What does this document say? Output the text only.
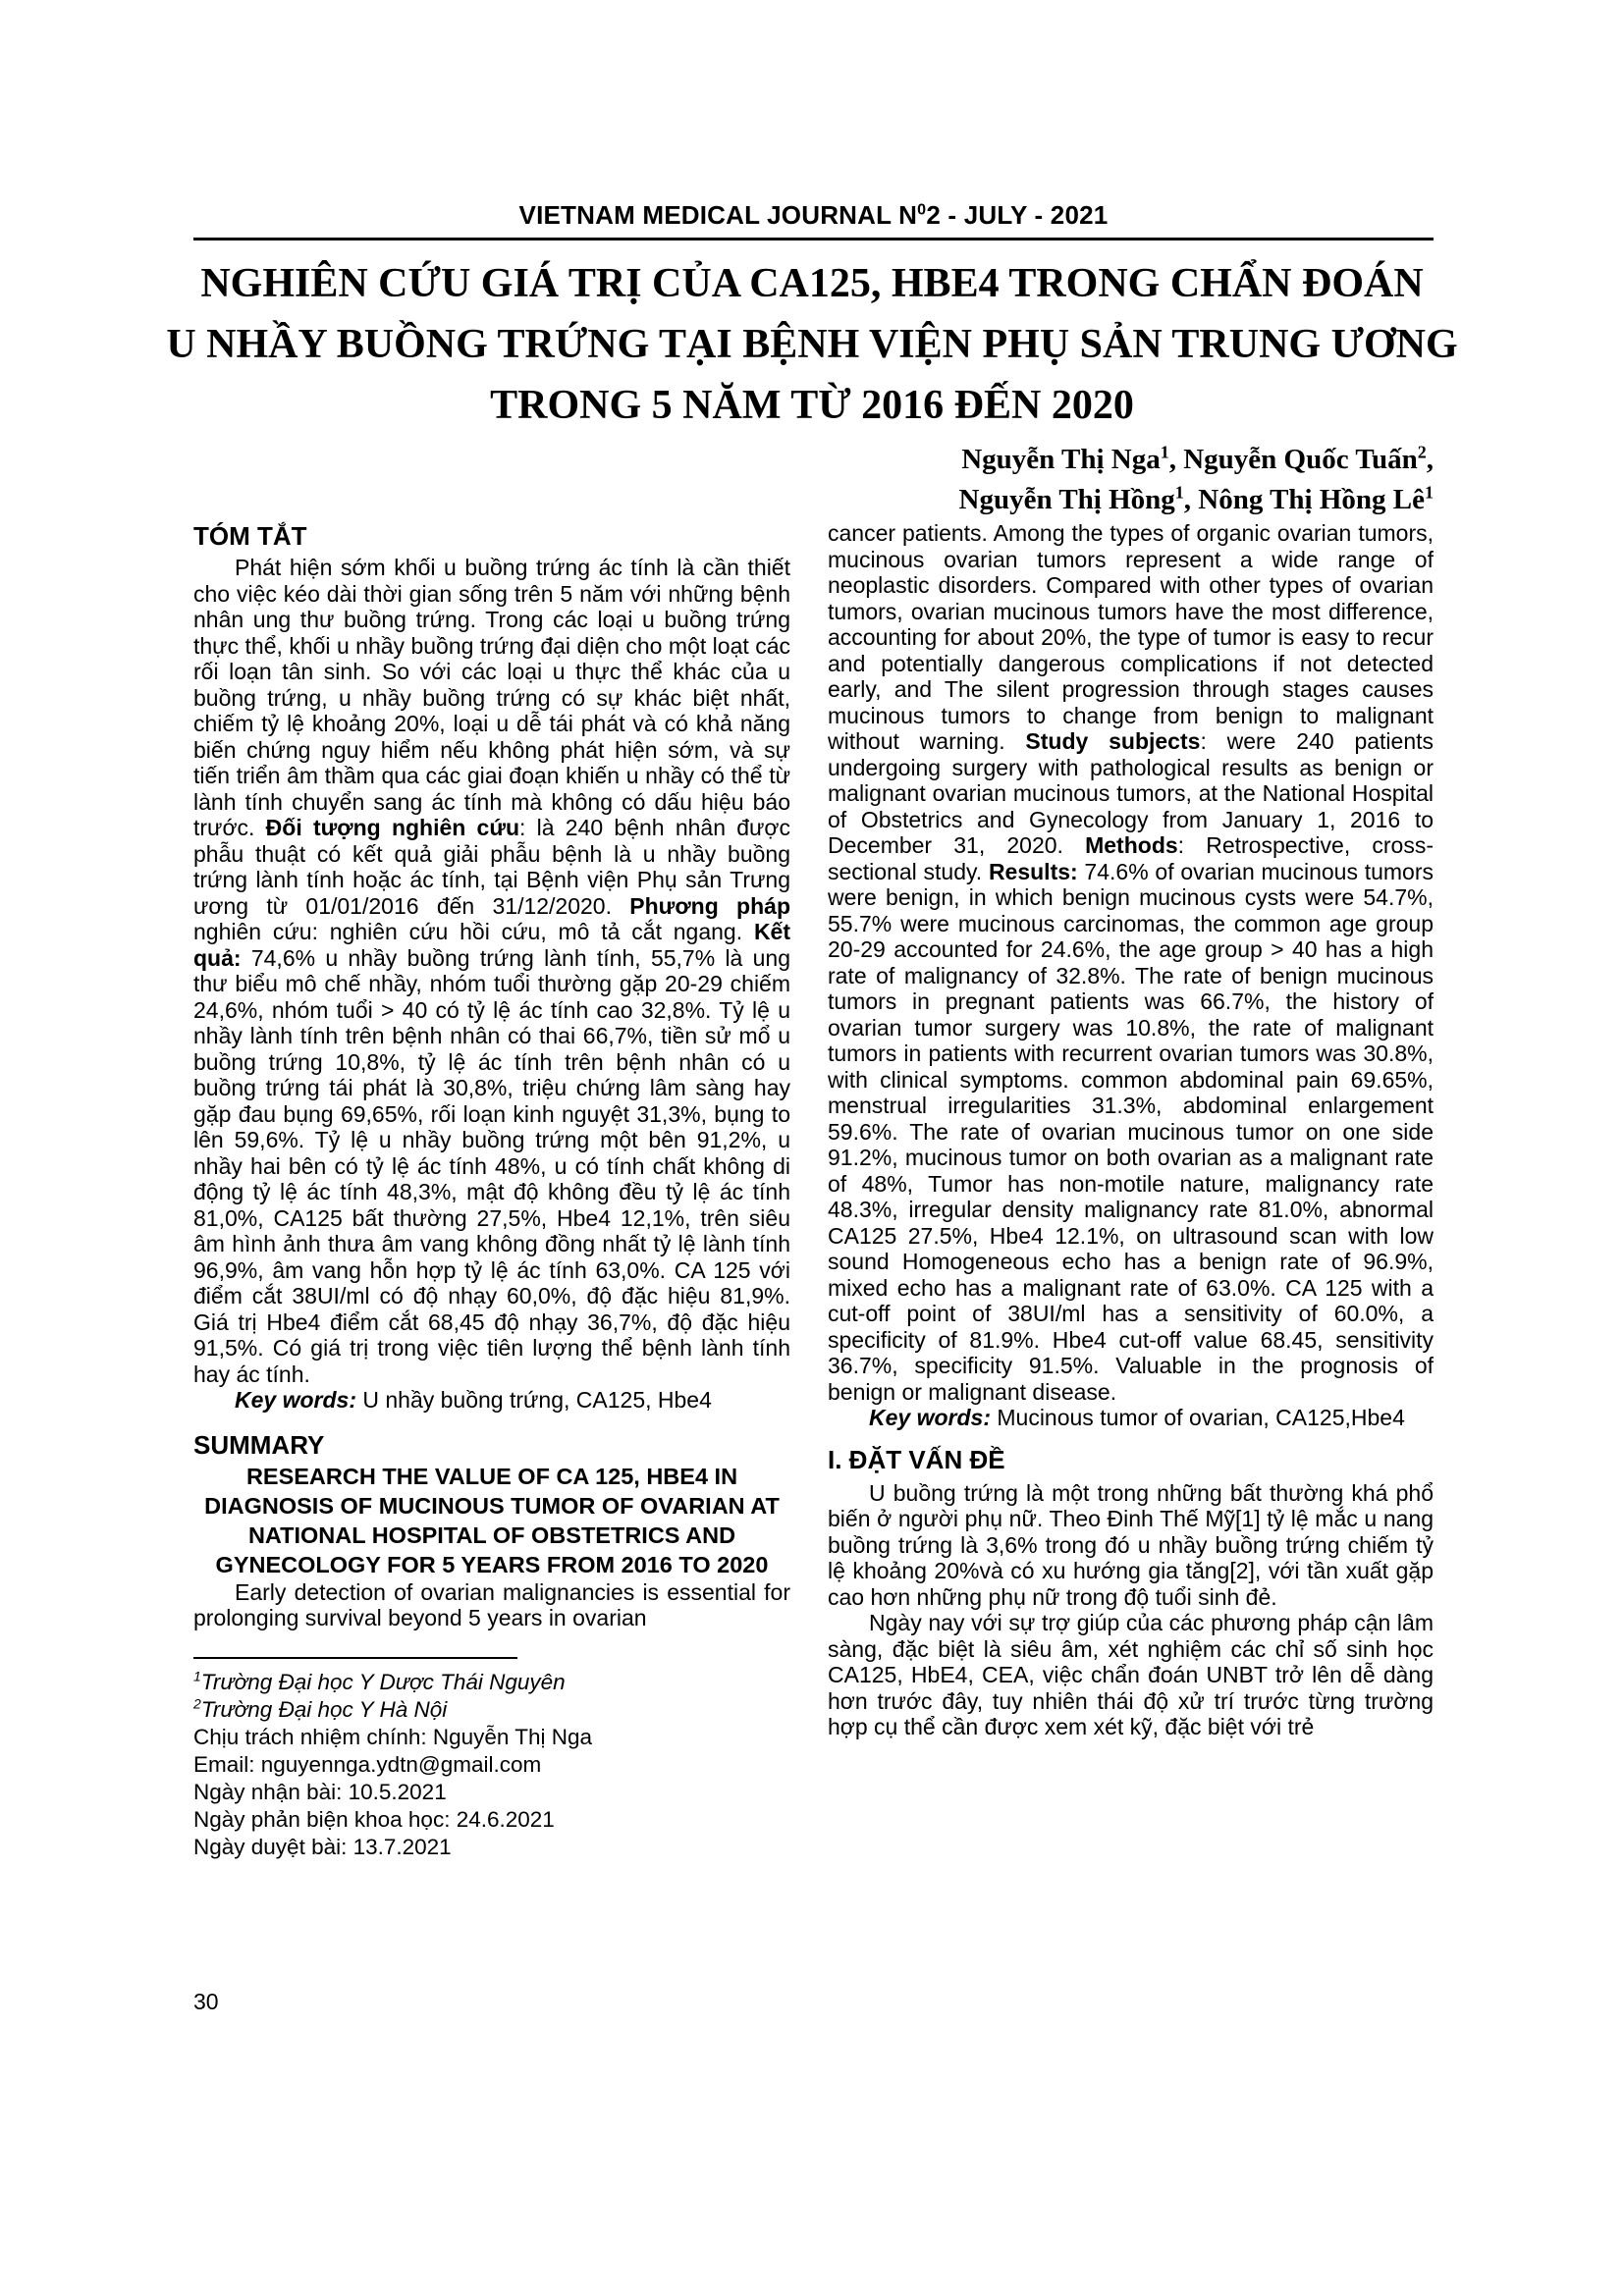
VIETNAM MEDICAL JOURNAL $N^02$ - JULY - 2021
NGHIÊN CỨU GIÁ TRỊ CỦA CA125, HBE4 TRONG CHẨN ĐOÁN
U NHẦY BUỒNG TRỨNG TẠI BỆNH VIỆN PHỤ SẢN TRUNG ƯƠNG
TRONG 5 NĂM TỪ 2016 ĐẾN 2020
Nguyễn Thị Nga$^1$, Nguyễn Quốc Tuấn$^2$,
Nguyễn Thị Hồng$^1$, Nông Thị Hồng $Lê^1$
TÓM TẮT

Phát hiện sớm khối u buồng trứng ác tính là cần thiết cho việc kéo dài thời gian sống trên 5 năm với những bệnh nhân ung thư buồng trứng. Trong các loại u buồng trứng thực thể, khối u nhầy buồng trứng đại diện cho một loạt các rối loạn tân sinh. So với các loại u thực thể khác của u buồng trứng, u nhầy buồng trứng có sự khác biệt nhất, chiếm tỷ lệ khoảng 20%, loại u dễ tái phát và có khả năng biến chứng nguy hiểm nếu không phát hiện sớm, và sự tiến triển âm thầm qua các giai đoạn khiến u nhầy có thể từ lành tính chuyển sang ác tính mà không có dấu hiệu báo trước. Đối tượng nghiên cứu: là 240 bệnh nhân được phẫu thuật có kết quả giải phẫu bệnh là u nhầy buồng trứng lành tính hoặc ác tính, tại Bệnh viện Phụ sản Trưng ương từ 01/01/2016 đến 31/12/2020. Phương pháp nghiên cứu: nghiên cứu hồi cứu, mô tả cắt ngang. Kết quả: 74,6% u nhầy buồng trứng lành tính, 55,7% là ung thư biểu mô chế nhầy, nhóm tuổi thường gặp 20-29 chiếm 24,6%, nhóm tuổi > 40 có tỷ lệ ác tính cao 32,8%. Tỷ lệ u nhầy lành tính trên bệnh nhân có thai 66,7%, tiền sử mổ u buồng trứng 10,8%, tỷ lệ ác tính trên bệnh nhân có u buồng trứng tái phát là 30,8%, triệu chứng lâm sàng hay gặp đau bụng 69,65%, rối loạn kinh nguyệt 31,3%, bụng to lên 59,6%. Tỷ lệ u nhầy buồng trứng một bên 91,2%, u nhầy hai bên có tỷ lệ ác tính 48%, u có tính chất không di động tỷ lệ ác tính 48,3%, mật độ không đều tỷ lệ ác tính 81,0%, CA125 bất thường 27,5%, Hbe4 12,1%, trên siêu âm hình ảnh thưa âm vang không đồng nhất tỷ lệ lành tính 96,9%, âm vang hỗn hợp tỷ lệ ác tính 63,0%. CA 125 với điểm cắt 38UI/ml có độ nhạy 60,0%, độ đặc hiệu 81,9%. Giá trị Hbe4 điểm cắt 68,45 độ nhạy 36,7%, độ đặc hiệu 91,5%. Có giá trị trong việc tiên lượng thể bệnh lành tính hay ác tính.

Key words: U nhầy buồng trứng, CA125, Hbe4

SUMMARY
RESEARCH THE VALUE OF CA 125, HBE4 IN DIAGNOSIS OF MUCINOUS TUMOR OF OVARIAN AT NATIONAL HOSPITAL OF OBSTETRICS AND GYNECOLOGY FOR 5 YEARS FROM 2016 TO 2020

Early detection of ovarian malignancies is essential for prolonging survival beyond 5 years in ovarian

$^1$Trường Đại học Y Dược Thái Nguyên
$^2$Trường Đại học Y Hà Nội
Chịu trách nhiệm chính: Nguyễn Thị Nga
Email: nguyennga.ydtn@gmail.com
Ngày nhận bài: 10.5.2021
Ngày phản biện khoa học: 24.6.2021
Ngày duyệt bài: 13.7.2021

cancer patients. Among the types of organic ovarian tumors, mucinous ovarian tumors represent a wide range of neoplastic disorders. Compared with other types of ovarian tumors, ovarian mucinous tumors have the most difference, accounting for about 20%, the type of tumor is easy to recur and potentially dangerous complications if not detected early, and The silent progression through stages causes mucinous tumors to change from benign to malignant without warning. Study subjects: were 240 patients undergoing surgery with pathological results as benign or malignant ovarian mucinous tumors, at the National Hospital of Obstetrics and Gynecology from January 1, 2016 to December 31, 2020. Methods: Retrospective, cross-sectional study. Results: 74.6% of ovarian mucinous tumors were benign, in which benign mucinous cysts were 54.7%, 55.7% were mucinous carcinomas, the common age group 20-29 accounted for 24.6%, the age group > 40 has a high rate of malignancy of 32.8%. The rate of benign mucinous tumors in pregnant patients was 66.7%, the history of ovarian tumor surgery was 10.8%, the rate of malignant tumors in patients with recurrent ovarian tumors was 30.8%, with clinical symptoms. common abdominal pain 69.65%, menstrual irregularities 31.3%, abdominal enlargement 59.6%. The rate of ovarian mucinous tumor on one side 91.2%, mucinous tumor on both ovarian as a malignant rate of 48%, Tumor has non-motile nature, malignancy rate 48.3%, irregular density malignancy rate 81.0%, abnormal CA125 27.5%, Hbe4 12.1%, on ultrasound scan with low sound Homogeneous echo has a benign rate of 96.9%, mixed echo has a malignant rate of 63.0%. CA 125 with a cut-off point of 38UI/ml has a sensitivity of 60.0%, a specificity of 81.9%. Hbe4 cut-off value 68.45, sensitivity 36.7%, specificity 91.5%. Valuable in the prognosis of benign or malignant disease.

Key words: Mucinous tumor of ovarian, CA125,Hbe4

I. ĐẶT VẤN ĐỀ

U buồng trứng là một trong những bất thường khá phổ biến ở người phụ nữ. Theo Đinh Thế Mỹ[1] tỷ lệ mắc u nang buồng trứng là 3,6% trong đó u nhầy buồng trứng chiếm tỷ lệ khoảng 20%và có xu hướng gia tăng[2], với tần xuất gặp cao hơn những phụ nữ trong độ tuổi sinh đẻ.

Ngày nay với sự trợ giúp của các phương pháp cận lâm sàng, đặc biệt là siêu âm, xét nghiệm các chỉ số sinh học CA125, HbE4, CEA, việc chẩn đoán UNBT trở lên dễ dàng hơn trước đây, tuy nhiên thái độ xử trí trước từng trường hợp cụ thể cần được xem xét kỹ, đặc biệt với trẻ

30
